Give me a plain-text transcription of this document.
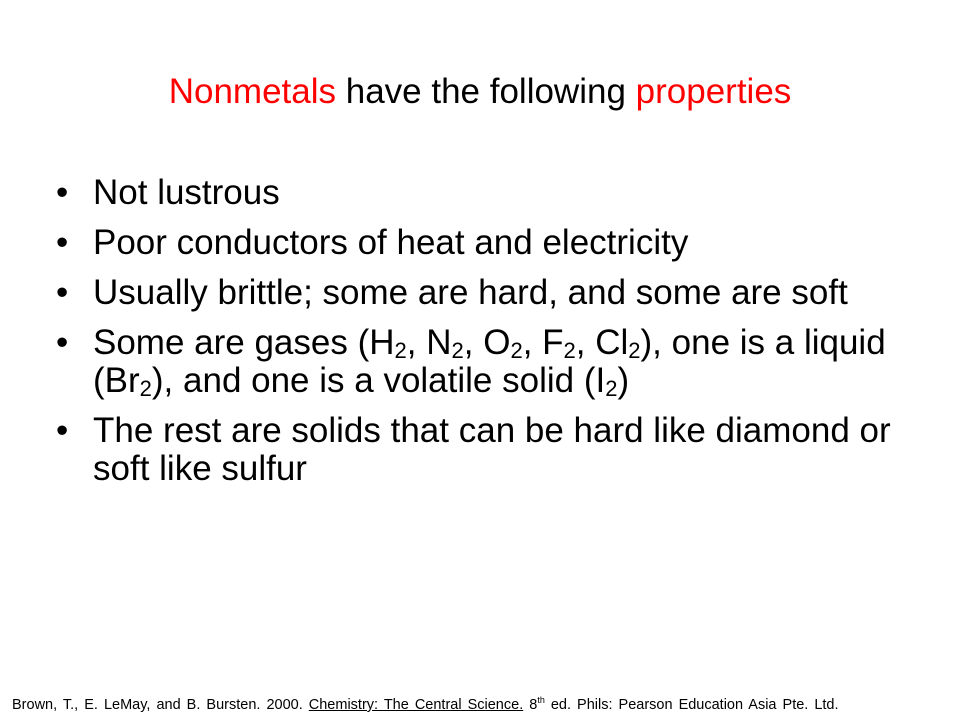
Nonmetals have the following properties
• Not lustrous
• Poor conductors of heat and electricity
• Usually brittle; some are hard, and some are soft
• Some are gases ($H_2$, $N_2$, $O_2$, $F_2$, $Cl_2$), one is a liquid $(Br_2)$, and one is a volatile solid $(I_2)$
• The rest are solids that can be hard like diamond or soft like sulfur
Brown, T., E. LeMay, and B. Bursten. 2000. Chemistry: The Central Science. 8th ed. Phils: Pearson Education Asia Pte. Ltd.
